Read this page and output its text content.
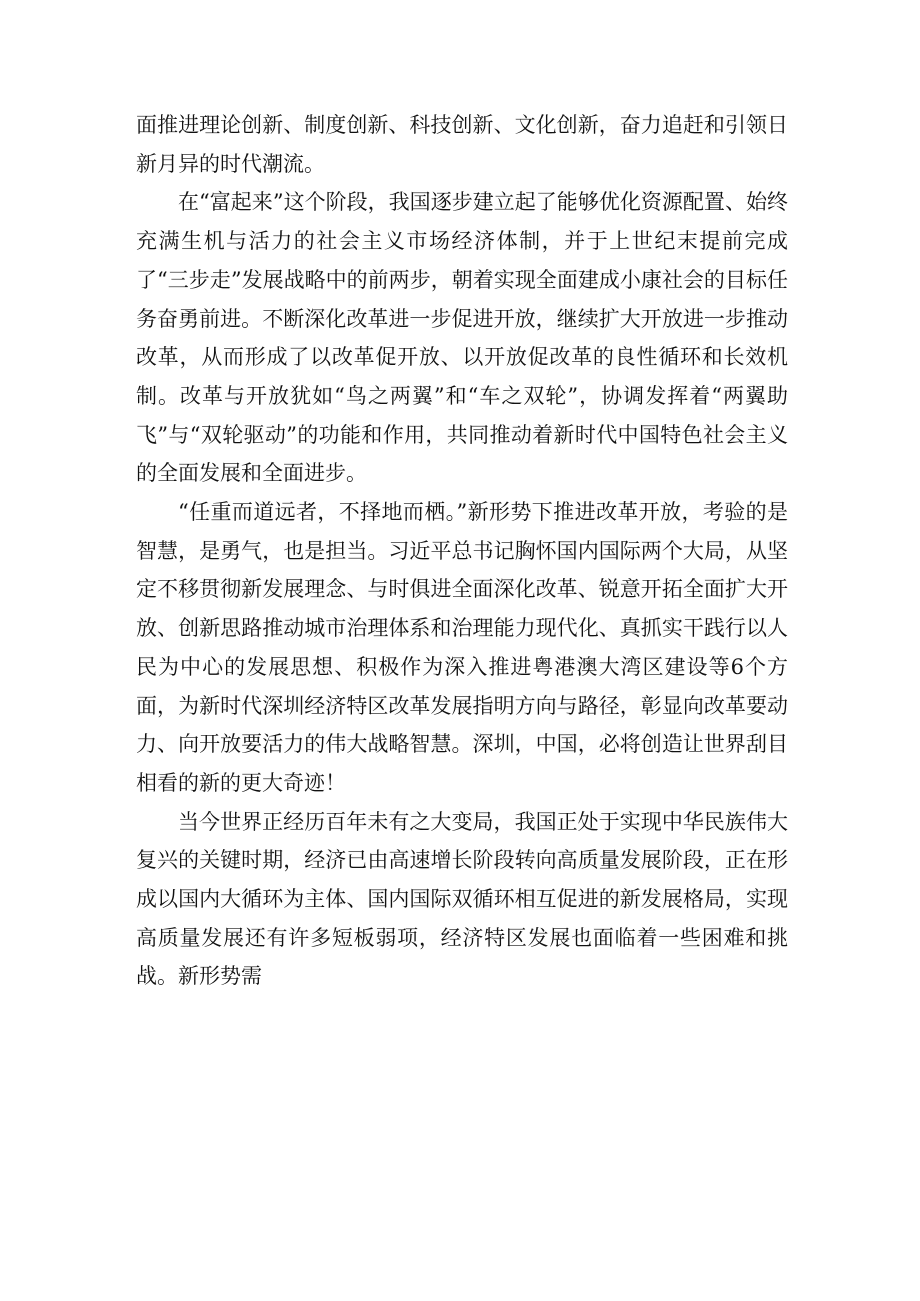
面推进理论创新、制度创新、科技创新、文化创新，奋力追赶和引领日新月异的时代潮流。

在“富起来”这个阶段，我国逐步建立起了能够优化资源配置、始终充满生机与活力的社会主义市场经济体制，并于上世纪末提前完成了“三步走”发展战略中的前两步，朝着实现全面建成小康社会的目标任务奋勇前进。不断深化改革进一步促进开放，继续扩大开放进一步推动改革，从而形成了以改革促开放、以开放促改革的良性循环和长效机制。改革与开放犹如“鸟之两翼”和“车之双轮”，协调发挥着“两翼助飞”与“双轮驱动”的功能和作用，共同推动着新时代中国特色社会主义的全面发展和全面进步。

“任重而道远者，不择地而栖。”新形势下推进改革开放，考验的是智慧，是勇气，也是担当。习近平总书记胸怀国内国际两个大局，从坚定不移贯彻新发展理念、与时俱进全面深化改革、锐意开拓全面扩大开放、创新思路推动城市治理体系和治理能力现代化、真抓实干践行以人民为中心的发展思想、积极作为深入推进粤港澳大湾区建设等6个方面，为新时代深圳经济特区改革发展指明方向与路径，彰显向改革要动力、向开放要活力的伟大战略智慧。深圳，中国，必将创造让世界刮目相看的新的更大奇迹！

当今世界正经历百年未有之大变局，我国正处于实现中华民族伟大复兴的关键时期，经济已由高速增长阶段转向高质量发展阶段，正在形成以国内大循环为主体、国内国际双循环相互促进的新发展格局，实现高质量发展还有许多短板弱项，经济特区发展也面临着一些困难和挑战。新形势需
